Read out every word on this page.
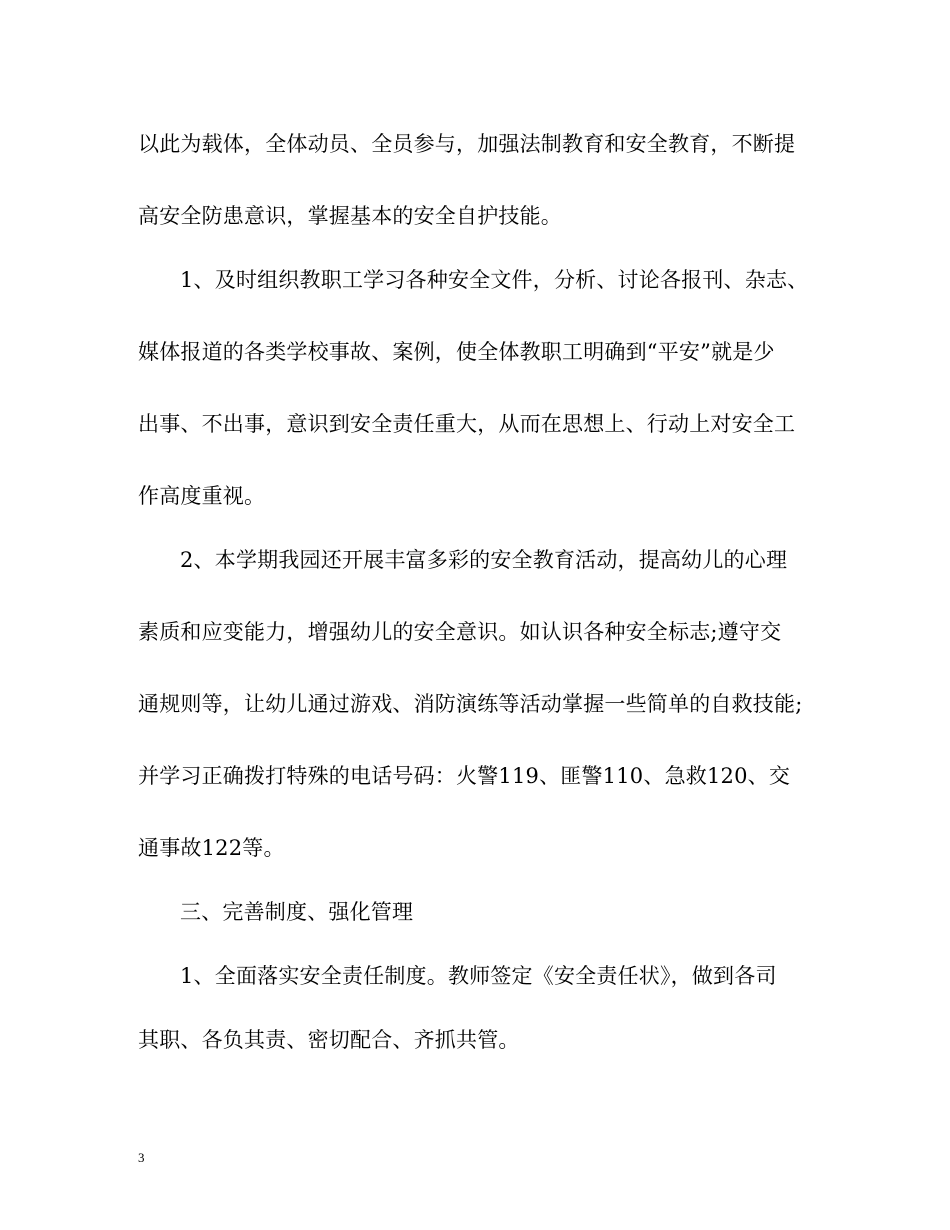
以此为载体，全体动员、全员参与，加强法制教育和安全教育，不断提
高安全防患意识，掌握基本的安全自护技能。
1、及时组织教职工学习各种安全文件，分析、讨论各报刊、杂志、
媒体报道的各类学校事故、案例，使全体教职工明确到“平安”就是少
出事、不出事，意识到安全责任重大，从而在思想上、行动上对安全工
作高度重视。
2、本学期我园还开展丰富多彩的安全教育活动，提高幼儿的心理
素质和应变能力，增强幼儿的安全意识。如认识各种安全标志;遵守交
通规则等，让幼儿通过游戏、消防演练等活动掌握一些简单的自救技能;
并学习正确拨打特殊的电话号码：火警119、匪警110、急救120、交
通事故122等。
三、完善制度、强化管理
1、全面落实安全责任制度。教师签定《安全责任状》，做到各司
其职、各负其责、密切配合、齐抓共管。
3
